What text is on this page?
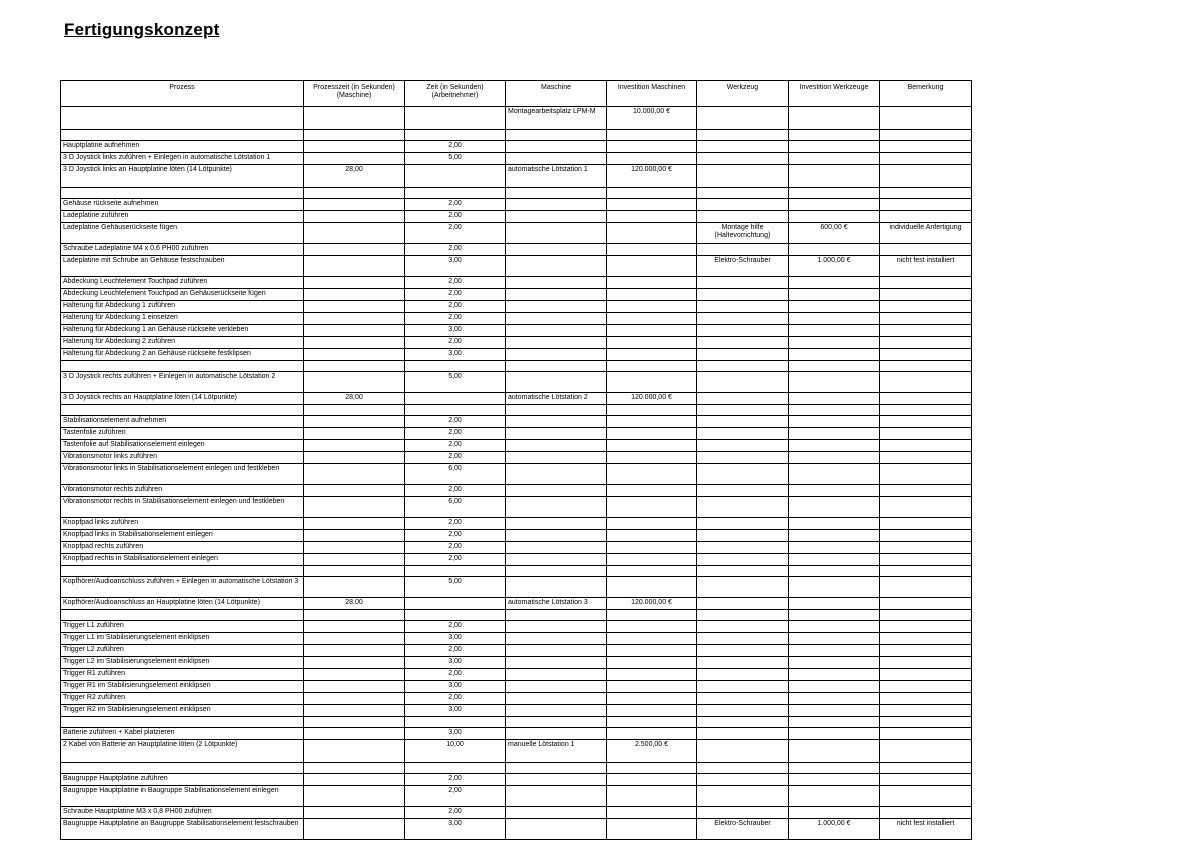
Fertigungskonzept
Prozess	Prozesszeit (in Sekunden) (Maschine)	Zeit (in Sekunden) (Arbeitnehmer)	Maschine	Investition Maschinen	Werkzeug	Investition Werkzeuge	Bemerkung
			Montagearbeitsplatz LPM-M	10.000,00 €			

Hauptplatine aufnehmen		2,00					
3 D Joystick links zuführen + Einlegen in automatische Lötstation 1		5,00					
3 D Joystick links an Hauptplatine löten (14 Lötpunkte)	28,00		automatische Lötstation 1	120.000,00 €			

Gehäuse rückseite aufnehmen		2,00					
Ladeplatine zuführen		2,00					
Ladeplatine Gehäuserückseite fügen		2,00			Montage hilfe (Haltevorrichtung)	600,00 €	individuelle Anfertigung
Schraube Ladeplatine M4 x 0,6 PH00 zuführen		2,00					
Ladeplatine mit Schrube an Gehäuse festschrauben		3,00			Elektro-Schrauber	1.000,00 €	nicht fest installiert
Abdeckung Leuchtelement Touchpad zuführen		2,00					
Abdeckung Leuchtelement Touchpad an Gehäuserückseite fügen		2,00					
Halterung für Abdeckung 1 zuführen		2,00					
Halterung für Abdeckung 1 einsetzen		2,00					
Halterung für Abdeckung 1 an Gehäuse rückseite verkleben		3,00					
Halterung für Abdeckung 2 zuführen		2,00					
Halterung für Abdeckung 2 an Gehäuse rückseite festklipsen		3,00					

3 D Joystick rechts zuführen + Einlegen in automatische Lötstation 2		5,00					
3 D Joystick rechts an Hauptplatine löten (14 Lötpunkte)	28,00		automatische Lötstation 2	120.000,00 €			

Stabilisationselement aufnehmen		2,00					
Tastenfolie zuführen		2,00					
Tastenfolie auf Stabilisationselement einlegen		2,00					
Vibrationsmotor links zuführen		2,00					
Vibrationsmotor links in Stabilisationselement einlegen und festkleben		6,00					
Vibrationsmotor rechts zuführen		2,00					
Vibrationsmotor rechts in Stabilisationselement einlegen und festkleben		6,00					
Knopfpad links zuführen		2,00					
Knopfpad links in Stabilisationselement einlegen		2,00					
Knopfpad rechts zuführen		2,00					
Knopfpad rechts in Stabilisationselement einlegen		2,00					

Kopfhörer/Audioanschluss zuführen + Einlegen in automatische Lötstation 3		5,00					
Kopfhörer/Audioanschluss an Hauptplatine löten (14 Lötpunkte)	28,00		automatische Lötstation 3	120.000,00 €			

Trigger L1 zuführen		2,00					
Trigger L1 im Stabilisierungselement einklipsen		3,00					
Trigger L2 zuführen		2,00					
Trigger L2 im Stabilisierungselement einklipsen		3,00					
Trigger R1 zuführen		2,00					
Trigger R1 im Stabilisierungselement einklipsen		3,00					
Trigger R2 zuführen		2,00					
Trigger R2 im Stabilisierungselement einklipsen		3,00					

Batterie zuführen + Kabel platzieren		3,00					
2 Kabel von Batterie an Hauptplatine löten (2 Lötpunkte)		10,00	manuelle Lötstation 1	2.500,00 €			

Baugruppe Hauptplatine zuführen		2,00					
Baugruppe Hauptplatine in Baugruppe Stabilisationselement einlegen		2,00					
Schraube Hauptplatine M3 x 0,8 PH00 zuführen		2,00					
Baugruppe Hauptplatine an Baugruppe Stabilisationselement festschrauben		3,00			Elektro-Schrauber	1.000,00 €	nicht fest installiert
